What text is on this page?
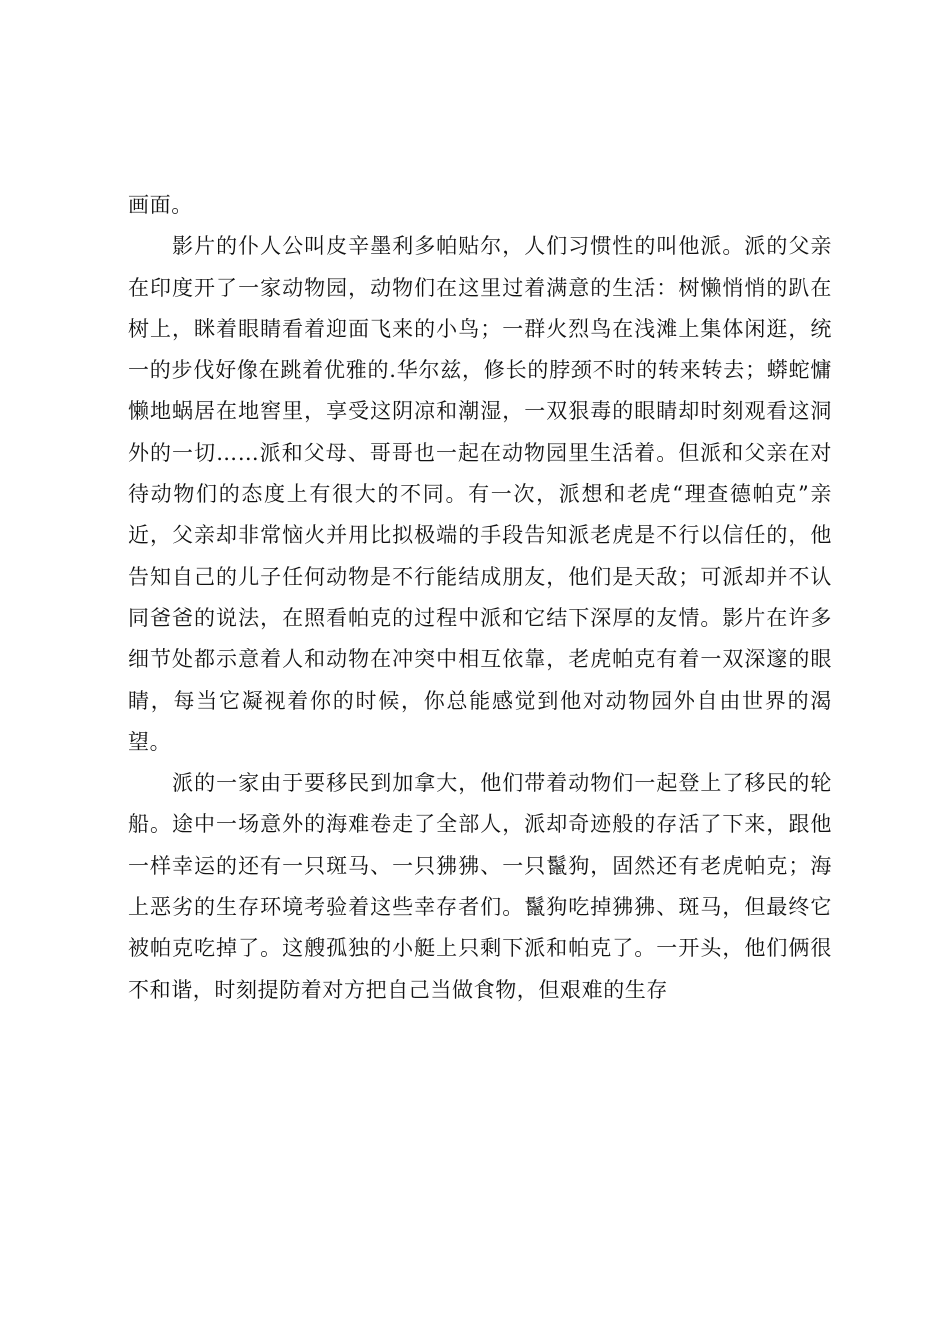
画面。

影片的仆人公叫皮辛墨利多帕贴尔，人们习惯性的叫他派。派的父亲在印度开了一家动物园，动物们在这里过着满意的生活：树懒悄悄的趴在树上，眯着眼睛看着迎面飞来的小鸟；一群火烈鸟在浅滩上集体闲逛，统一的步伐好像在跳着优雅的.华尔兹，修长的脖颈不时的转来转去；蟒蛇慵懒地蜗居在地窖里，享受这阴凉和潮湿，一双狠毒的眼睛却时刻观看这洞外的一切……派和父母、哥哥也一起在动物园里生活着。但派和父亲在对待动物们的态度上有很大的不同。有一次，派想和老虎“理查德帕克”亲近，父亲却非常恼火并用比拟极端的手段告知派老虎是不行以信任的，他告知自己的儿子任何动物是不行能结成朋友，他们是天敌；可派却并不认同爸爸的说法，在照看帕克的过程中派和它结下深厚的友情。影片在许多细节处都示意着人和动物在冲突中相互依靠，老虎帕克有着一双深邃的眼睛，每当它凝视着你的时候，你总能感觉到他对动物园外自由世界的渴望。

派的一家由于要移民到加拿大，他们带着动物们一起登上了移民的轮船。途中一场意外的海难卷走了全部人，派却奇迹般的存活了下来，跟他一样幸运的还有一只斑马、一只狒狒、一只鬣狗，固然还有老虎帕克；海上恶劣的生存环境考验着这些幸存者们。鬣狗吃掉狒狒、斑马，但最终它被帕克吃掉了。这艘孤独的小艇上只剩下派和帕克了。一开头，他们俩很不和谐，时刻提防着对方把自己当做食物，但艰难的生存
